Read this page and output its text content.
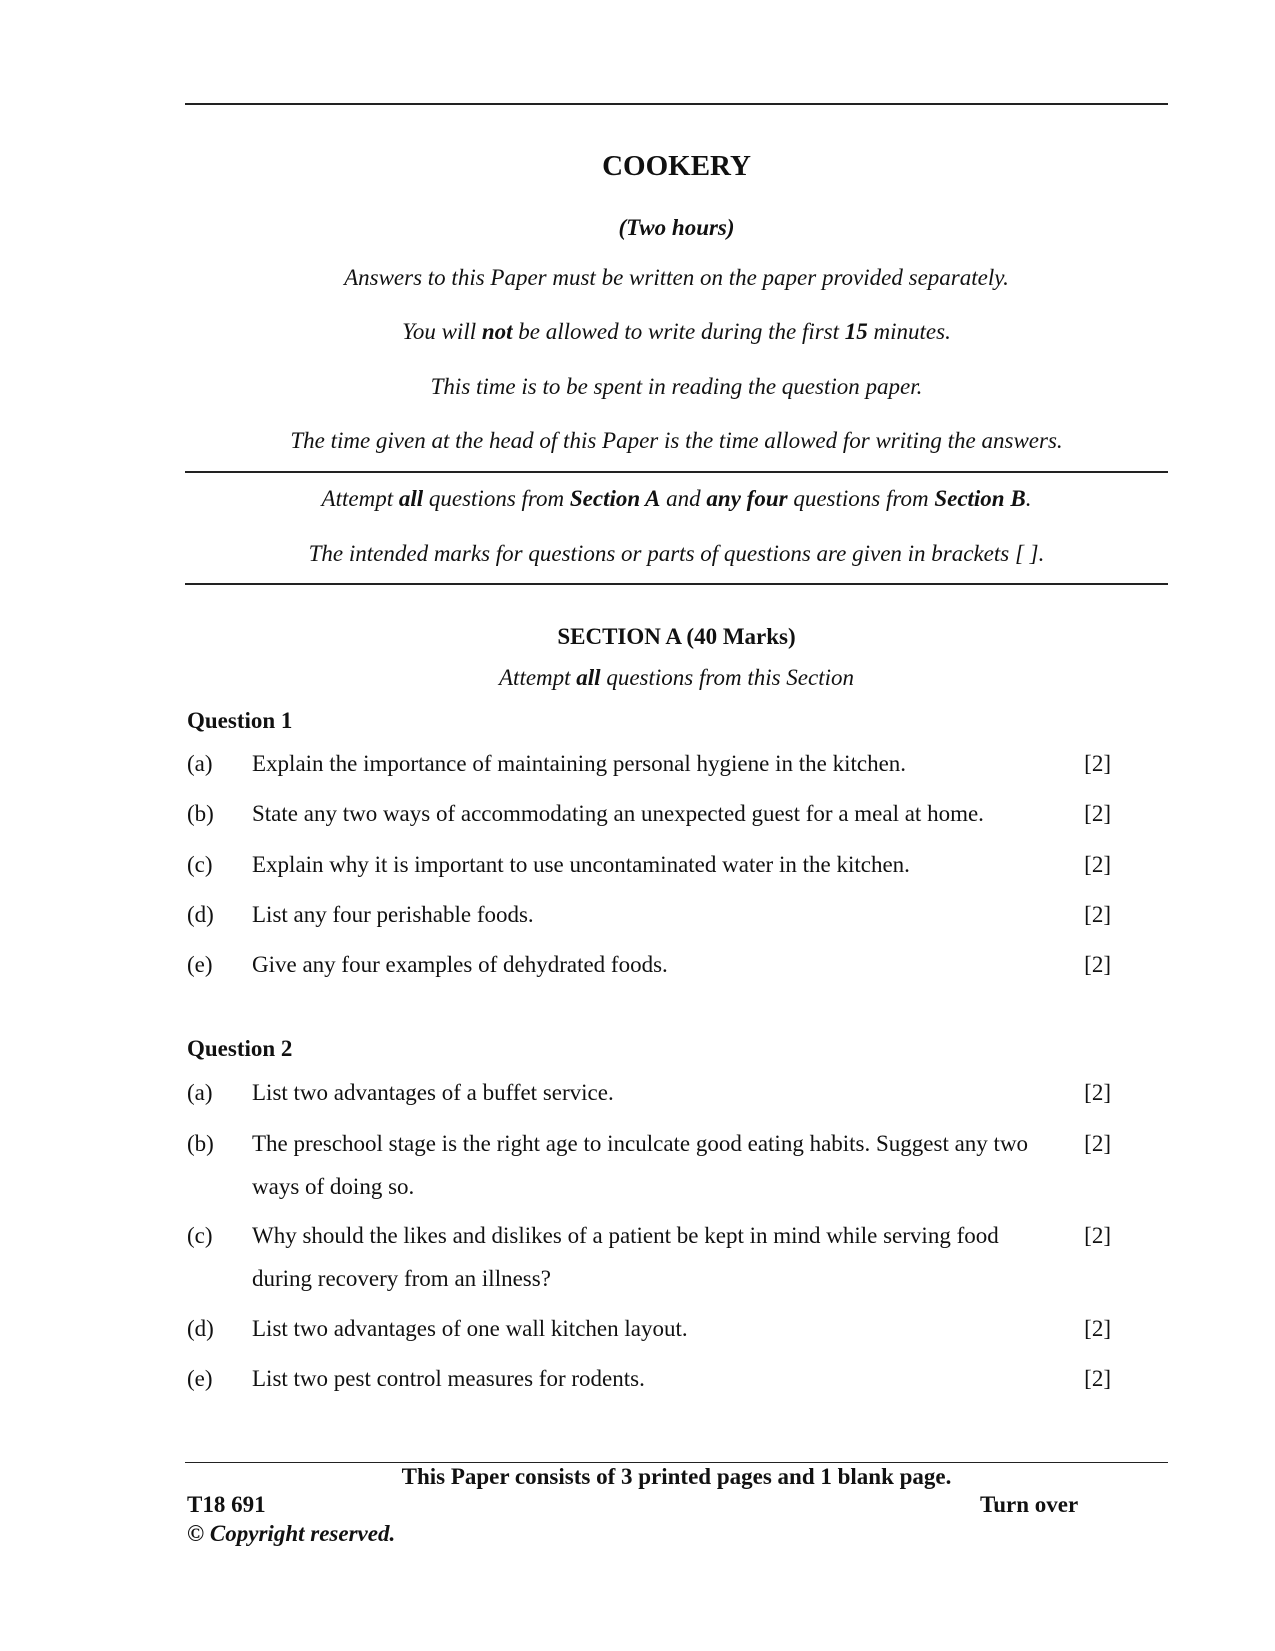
COOKERY
(Two hours)
Answers to this Paper must be written on the paper provided separately.
You will not be allowed to write during the first 15 minutes.
This time is to be spent in reading the question paper.
The time given at the head of this Paper is the time allowed for writing the answers.
Attempt all questions from Section A and any four questions from Section B.
The intended marks for questions or parts of questions are given in brackets [ ].
SECTION A (40 Marks)
Attempt all questions from this Section
Question 1
(a) Explain the importance of maintaining personal hygiene in the kitchen.	[2]
(b) State any two ways of accommodating an unexpected guest for a meal at home.	[2]
(c) Explain why it is important to use uncontaminated water in the kitchen.	[2]
(d) List any four perishable foods.	[2]
(e) Give any four examples of dehydrated foods.	[2]
Question 2
(a) List two advantages of a buffet service.	[2]
(b) The preschool stage is the right age to inculcate good eating habits. Suggest any two ways of doing so.
[2]
(c) Why should the likes and dislikes of a patient be kept in mind while serving food during recovery from an illness?
[2]
(d) List two advantages of one wall kitchen layout.	[2]
(e) List two pest control measures for rodents.	[2]
This Paper consists of 3 printed pages and 1 blank page.
T18 691	Turn over
© Copyright reserved.
